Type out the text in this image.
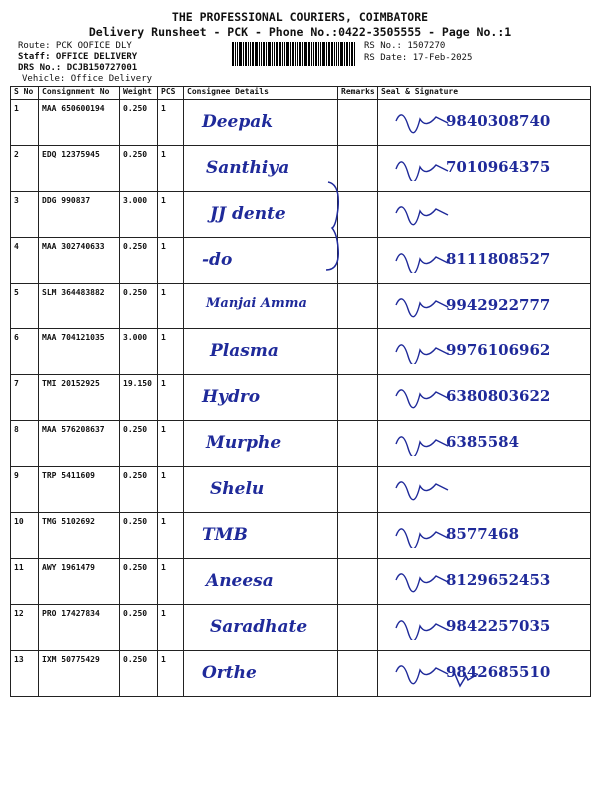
THE PROFESSIONAL COURIERS, COIMBATORE
Delivery Runsheet - PCK - Phone No.:0422-3505555 - Page No.:1
Route: PCK OOFICE DLY
Staff: OFFICE DELIVERY
DRS No.: DCJB150727001
Vehicle: Office Delivery
RS No.: 1507270
RS Date: 17-Feb-2025
S No	Consignment No	Weight	PCS	Consignee Details	Remarks	Seal & Signature
1	MAA 650600194	0.250	1	Deepak		9840308740

2	EDQ 12375945	0.250	1	Santhiya		7010964375

3	DDG 990837	3.000	1	JJ dente

4	MAA 302740633	0.250	1	-do		8111808527

5	SLM 364483882	0.250	1	Manjai Amma		9942922777

6	MAA 704121035	3.000	1	Plasma		9976106962

7	TMI 20152925	19.150	1	Hydro		6380803622

8	MAA 576208637	0.250	1	Murphe		6385584

9	TRP 5411609	0.250	1	Shelu

10	TMG 5102692	0.250	1	TMB		8577468

11	AWY 1961479	0.250	1	Aneesa		8129652453

12	PRO 17427834	0.250	1	Saradhate		9842257035

13	IXM 50775429	0.250	1	Orthe		9842685510
